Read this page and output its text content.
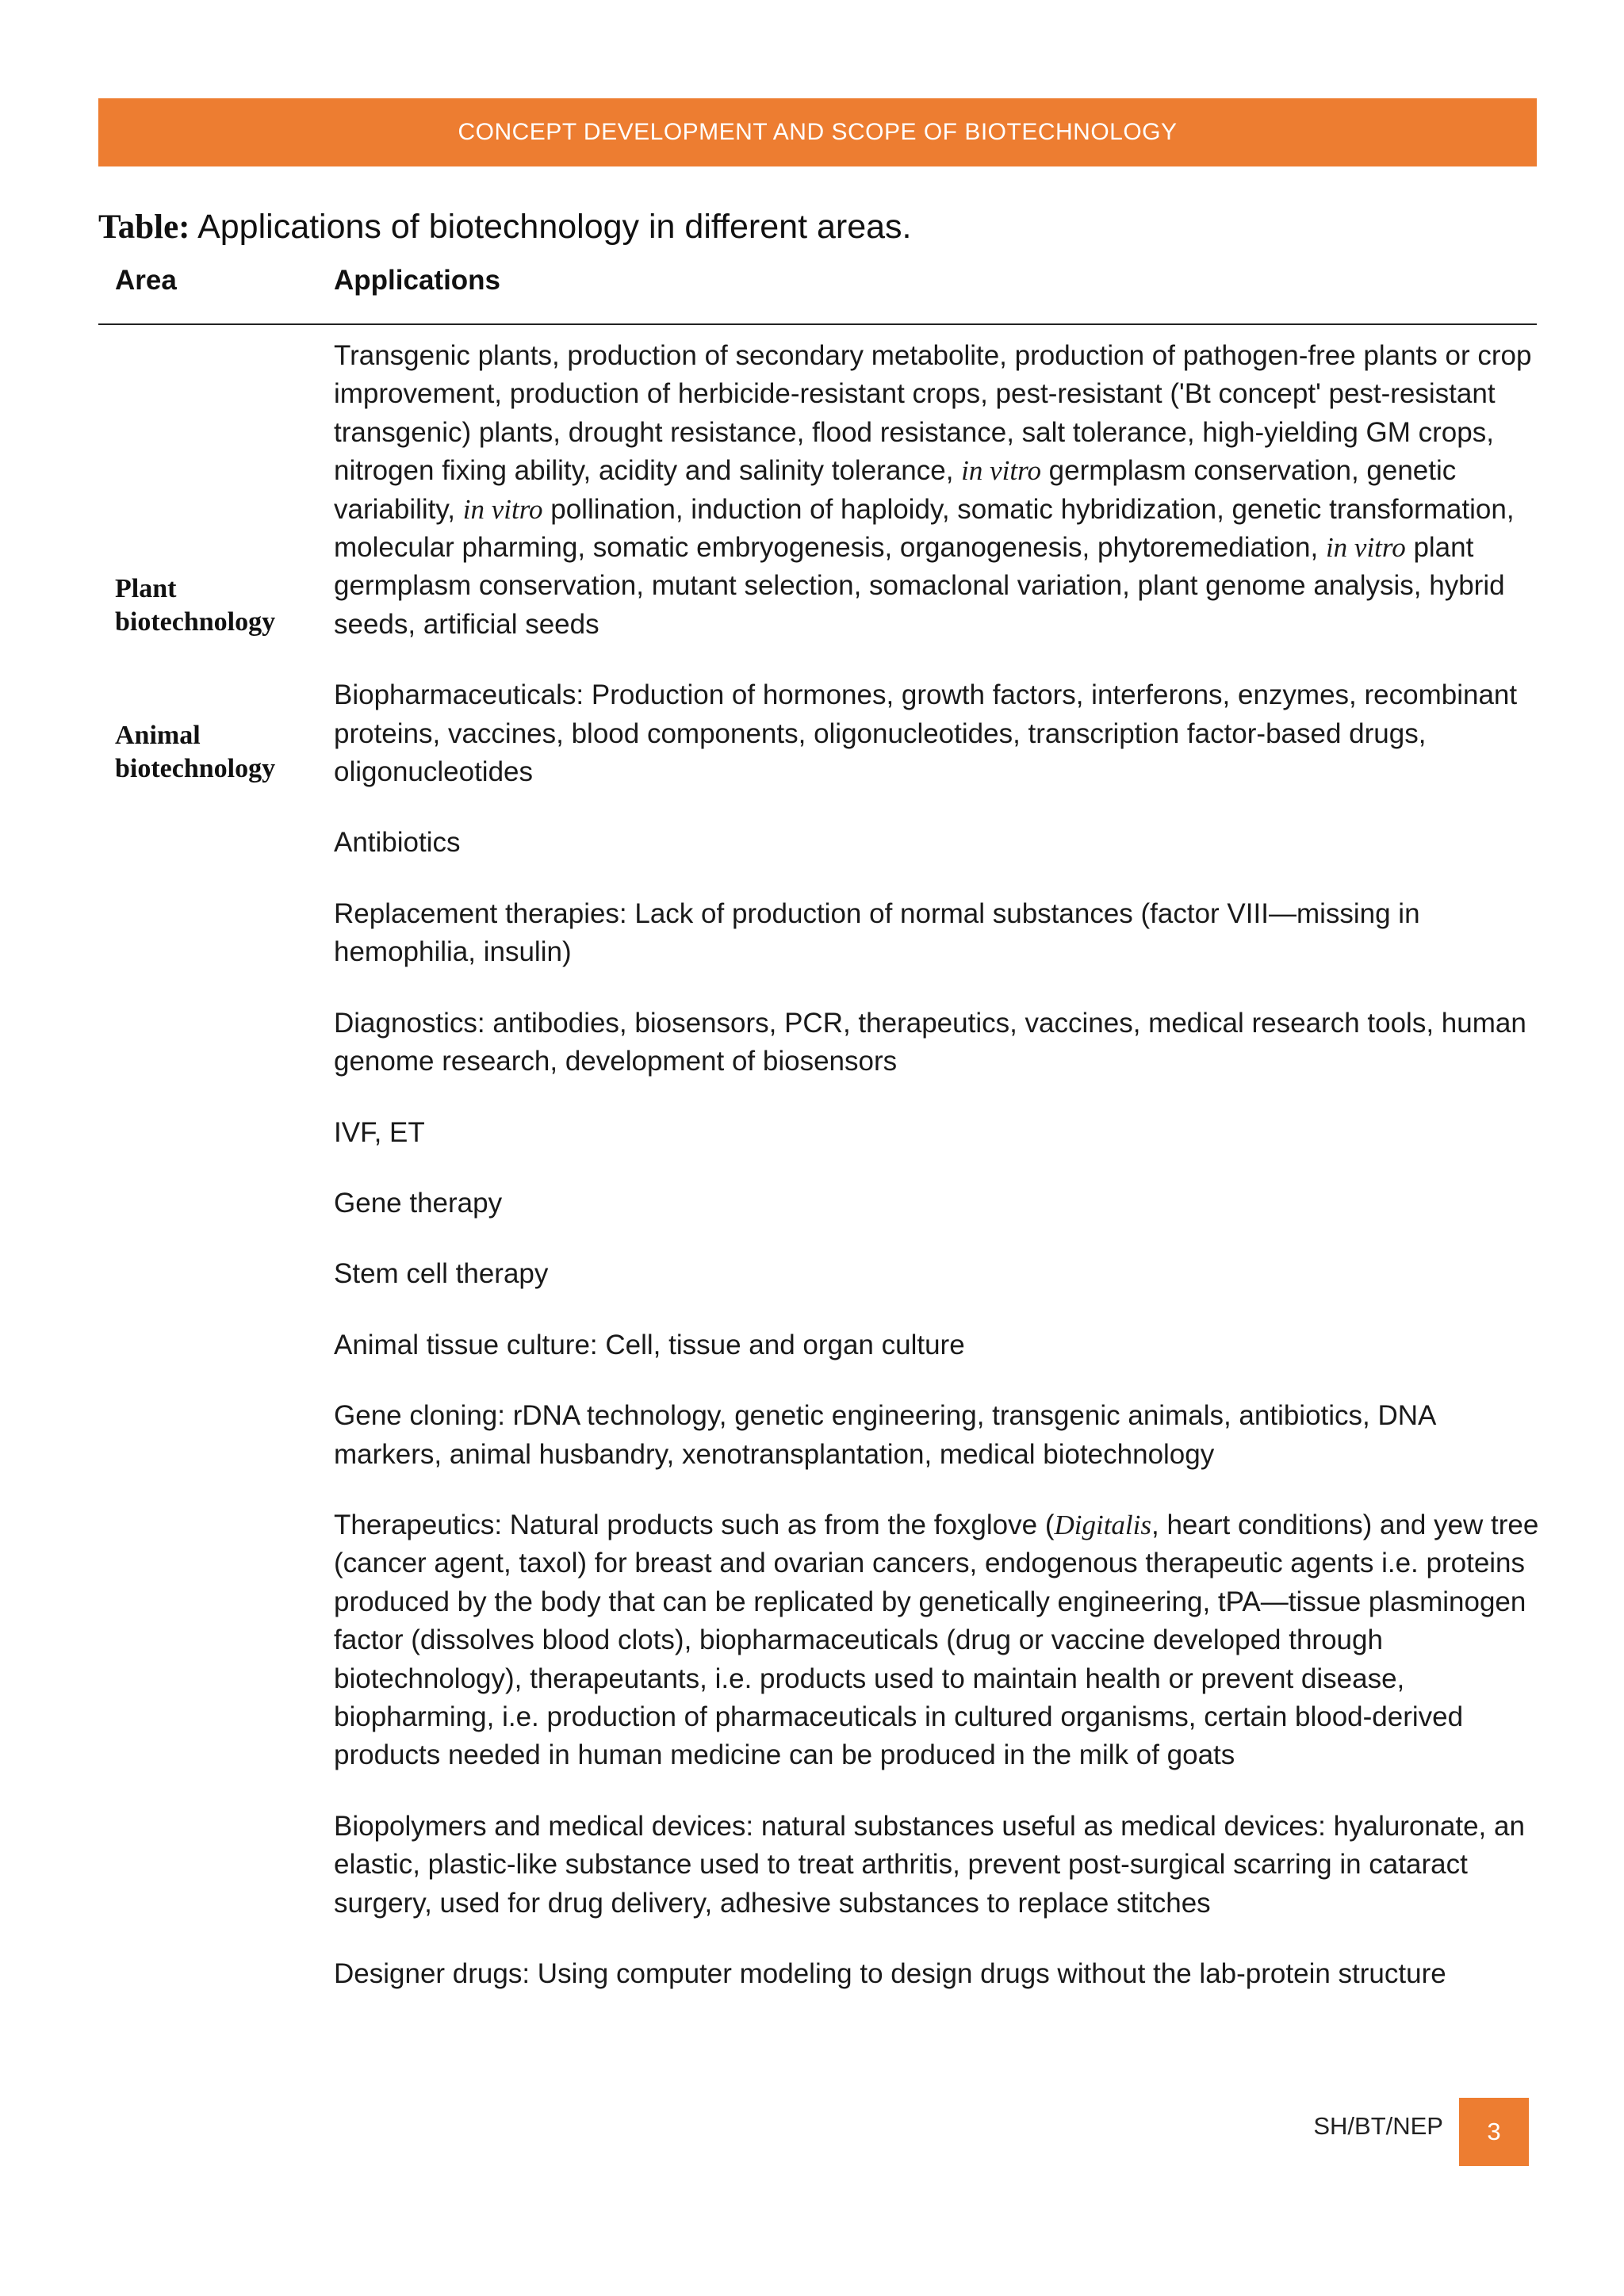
CONCEPT DEVELOPMENT AND SCOPE OF BIOTECHNOLOGY
Table: Applications of biotechnology in different areas.
Area	Applications
Plant
biotechnology
Animal
biotechnology

Transgenic plants, production of secondary metabolite, production of pathogen-free plants or crop improvement, production of herbicide-resistant crops, pest-resistant ('Bt concept' pest-resistant transgenic) plants, drought resistance, flood resistance, salt tolerance, high-yielding GM crops, nitrogen fixing ability, acidity and salinity tolerance, in vitro germplasm conservation, genetic variability, in vitro pollination, induction of haploidy, somatic hybridization, genetic transformation, molecular pharming, somatic embryogenesis, organogenesis, phytoremediation, in vitro plant germplasm conservation, mutant selection, somaclonal variation, plant genome analysis, hybrid seeds, artificial seeds

Biopharmaceuticals: Production of hormones, growth factors, interferons, enzymes, recombinant proteins, vaccines, blood components, oligonucleotides, transcription factor-based drugs, oligonucleotides

Antibiotics

Replacement therapies: Lack of production of normal substances (factor VIII—missing in hemophilia, insulin)

Diagnostics: antibodies, biosensors, PCR, therapeutics, vaccines, medical research tools, human genome research, development of biosensors

IVF, ET

Gene therapy

Stem cell therapy

Animal tissue culture: Cell, tissue and organ culture

Gene cloning: rDNA technology, genetic engineering, transgenic animals, antibiotics, DNA markers, animal husbandry, xenotransplantation, medical biotechnology

Therapeutics: Natural products such as from the foxglove (Digitalis, heart conditions) and yew tree (cancer agent, taxol) for breast and ovarian cancers, endogenous therapeutic agents i.e. proteins produced by the body that can be replicated by genetically engineering, tPA—tissue plasminogen factor (dissolves blood clots), biopharmaceuticals (drug or vaccine developed through biotechnology), therapeutants, i.e. products used to maintain health or prevent disease, biopharming, i.e. production of pharmaceuticals in cultured organisms, certain blood-derived products needed in human medicine can be produced in the milk of goats

Biopolymers and medical devices: natural substances useful as medical devices: hyaluronate, an elastic, plastic-like substance used to treat arthritis, prevent post-surgical scarring in cataract surgery, used for drug delivery, adhesive substances to replace stitches

Designer drugs: Using computer modeling to design drugs without the lab-protein structure

SH/BT/NEP 3
